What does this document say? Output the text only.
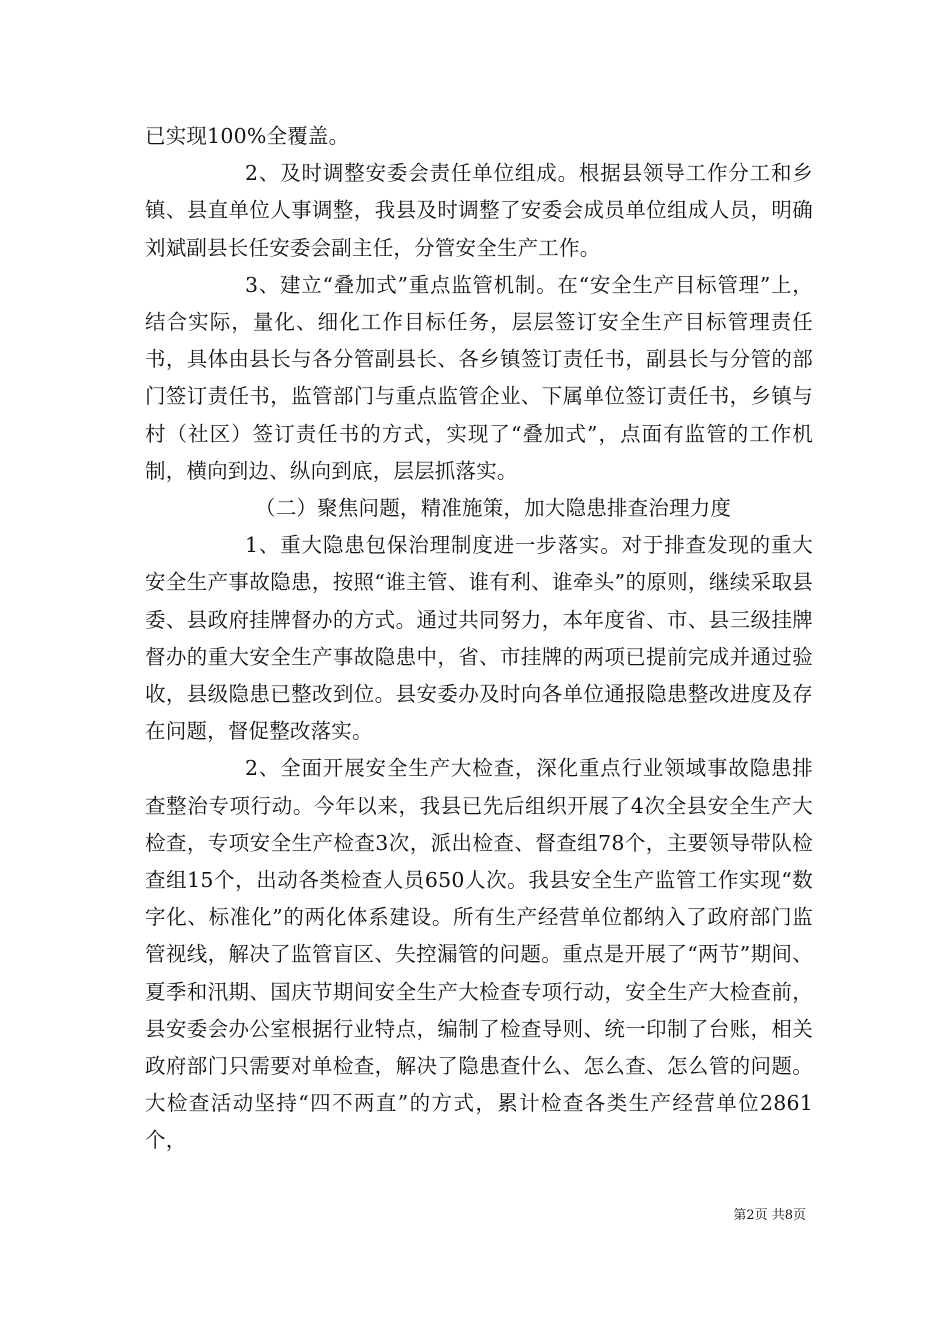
已实现100%全覆盖。

2、及时调整安委会责任单位组成。根据县领导工作分工和乡镇、县直单位人事调整，我县及时调整了安委会成员单位组成人员，明确刘斌副县长任安委会副主任，分管安全生产工作。

3、建立“叠加式”重点监管机制。在“安全生产目标管理”上，结合实际，量化、细化工作目标任务，层层签订安全生产目标管理责任书，具体由县长与各分管副县长、各乡镇签订责任书，副县长与分管的部门签订责任书，监管部门与重点监管企业、下属单位签订责任书，乡镇与村（社区）签订责任书的方式，实现了“叠加式”，点面有监管的工作机制，横向到边、纵向到底，层层抓落实。

（二）聚焦问题，精准施策，加大隐患排查治理力度

1、重大隐患包保治理制度进一步落实。对于排查发现的重大安全生产事故隐患，按照“谁主管、谁有利、谁牵头”的原则，继续采取县委、县政府挂牌督办的方式。通过共同努力，本年度省、市、县三级挂牌督办的重大安全生产事故隐患中，省、市挂牌的两项已提前完成并通过验收，县级隐患已整改到位。县安委办及时向各单位通报隐患整改进度及存在问题，督促整改落实。

2、全面开展安全生产大检查，深化重点行业领域事故隐患排查整治专项行动。今年以来，我县已先后组织开展了4次全县安全生产大检查，专项安全生产检查3次，派出检查、督查组78个，主要领导带队检查组15个，出动各类检查人员650人次。我县安全生产监管工作实现“数字化、标准化”的两化体系建设。所有生产经营单位都纳入了政府部门监管视线，解决了监管盲区、失控漏管的问题。重点是开展了“两节”期间、夏季和汛期、国庆节期间安全生产大检查专项行动，安全生产大检查前，县安委会办公室根据行业特点，编制了检查导则、统一印制了台账，相关政府部门只需要对单检查，解决了隐患查什么、怎么查、怎么管的问题。大检查活动坚持“四不两直”的方式，累计检查各类生产经营单位2861个，

第2页 共8页
